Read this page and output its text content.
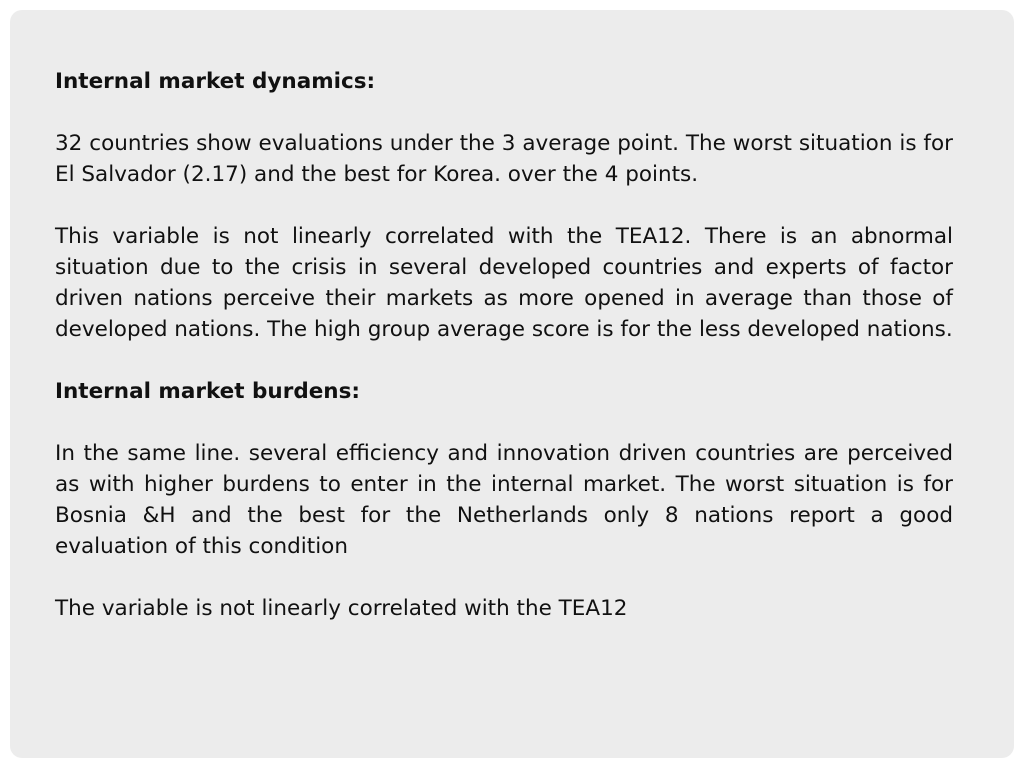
Internal market dynamics:

32 countries show evaluations under the 3 average point. The worst situation is for El Salvador (2.17) and the best for Korea. over the 4 points.

This variable is not linearly correlated with the TEA12. There is an abnormal situation due to the crisis in several developed countries and experts of factor driven nations perceive their markets as more opened in average than those of developed nations. The high group average score is for the less developed nations.

Internal market burdens:

In the same line. several efficiency and innovation driven countries are perceived as with higher burdens to enter in the internal market. The worst situation is for Bosnia &H and the best for the Netherlands only 8 nations report a good evaluation of this condition

The variable is not linearly correlated with the TEA12
